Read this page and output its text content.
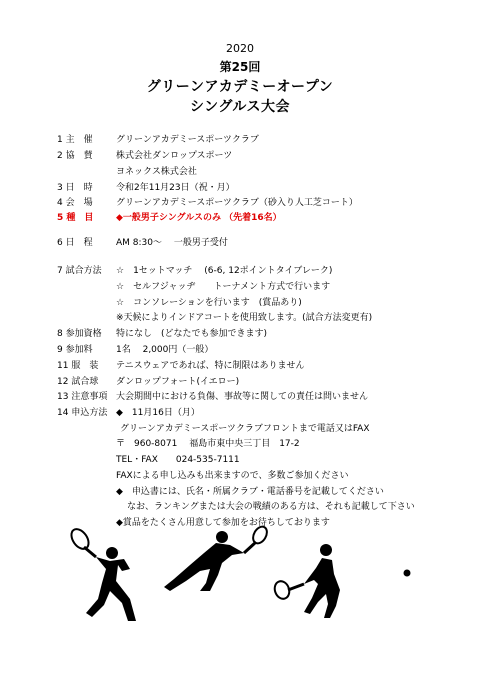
2020
第25回
グリーンアカデミーオープン
シングルス大会
1 主　催	グリーンアカデミースポーツクラブ
2 協　賛	株式会社ダンロップスポーツ
ヨネックス株式会社
3 日　時	令和2年11月23日（祝・月）
4 会　場	グリーンアカデミースポーツクラブ（砂入り人工芝コート）
5 種　目	◆一般男子シングルスのみ （先着16名）
6 日　程	AM 8:30～　 一般男子受付
7 試合方法 ☆　1セットマッチ　 (6-6, 12ポイントタイブレーク)
☆　セルフジャッヂ　　トーナメント方式で行います
☆　コンソレーションを行います　(賞品あり)
※天候によりインドアコートを使用致します。(試合方法変更有)
8 参加資格 特になし　(どなたでも参加できます)
9 参加料	1名　 2,000円（一般）
11 服　装 テニスウェアであれば、特に制限はありません
12 試合球 ダンロップフォート(イエロー)
13 注意事項 大会期間中における負傷、事故等に関しての責任は問いません
14 申込方法 ◆　11月16日（月）
グリーンアカデミースポーツクラブフロントまで電話又はFAX
〒　960-8071　 福島市東中央三丁目　17-2
TEL・FAX　　024-535-7111
FAXによる申し込みも出来ますので、多数ご参加ください
◆　申込書には、氏名・所属クラブ・電話番号を記載してください
なお、ランキングまたは大会の戦績のある方は、それも記載して下さい
◆賞品をたくさん用意して参加をお待ちしております
